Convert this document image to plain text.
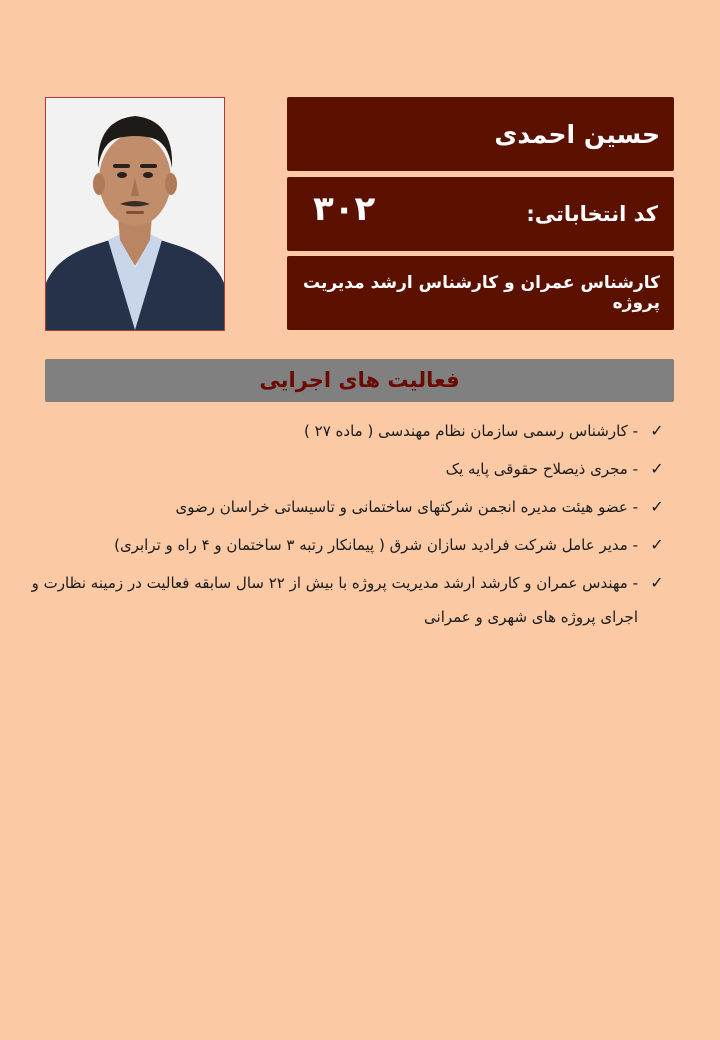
حسین احمدی
کد انتخاباتی:
۳۰۲
کارشناس عمران و کارشناس ارشد مدیریت پروژه
فعالیت های اجرایی
✓
- کارشناس رسمی سازمان نظام مهندسی ( ماده ۲۷ )
✓
- مجری ذیصلاح حقوقی پایه یک
✓
- عضو هیئت مدیره انجمن شرکتهای ساختمانی و تاسیساتی خراسان رضوی
✓
- مدیر عامل شرکت فرادید سازان شرق ( پیمانکار رتبه ۳ ساختمان و ۴ راه و ترابری)
✓
- مهندس عمران و کارشد ارشد مدیریت پروژه با بیش از ۲۲ سال سابقه فعالیت در زمینه نظارت و اجرای پروژه های شهری و عمرانی
